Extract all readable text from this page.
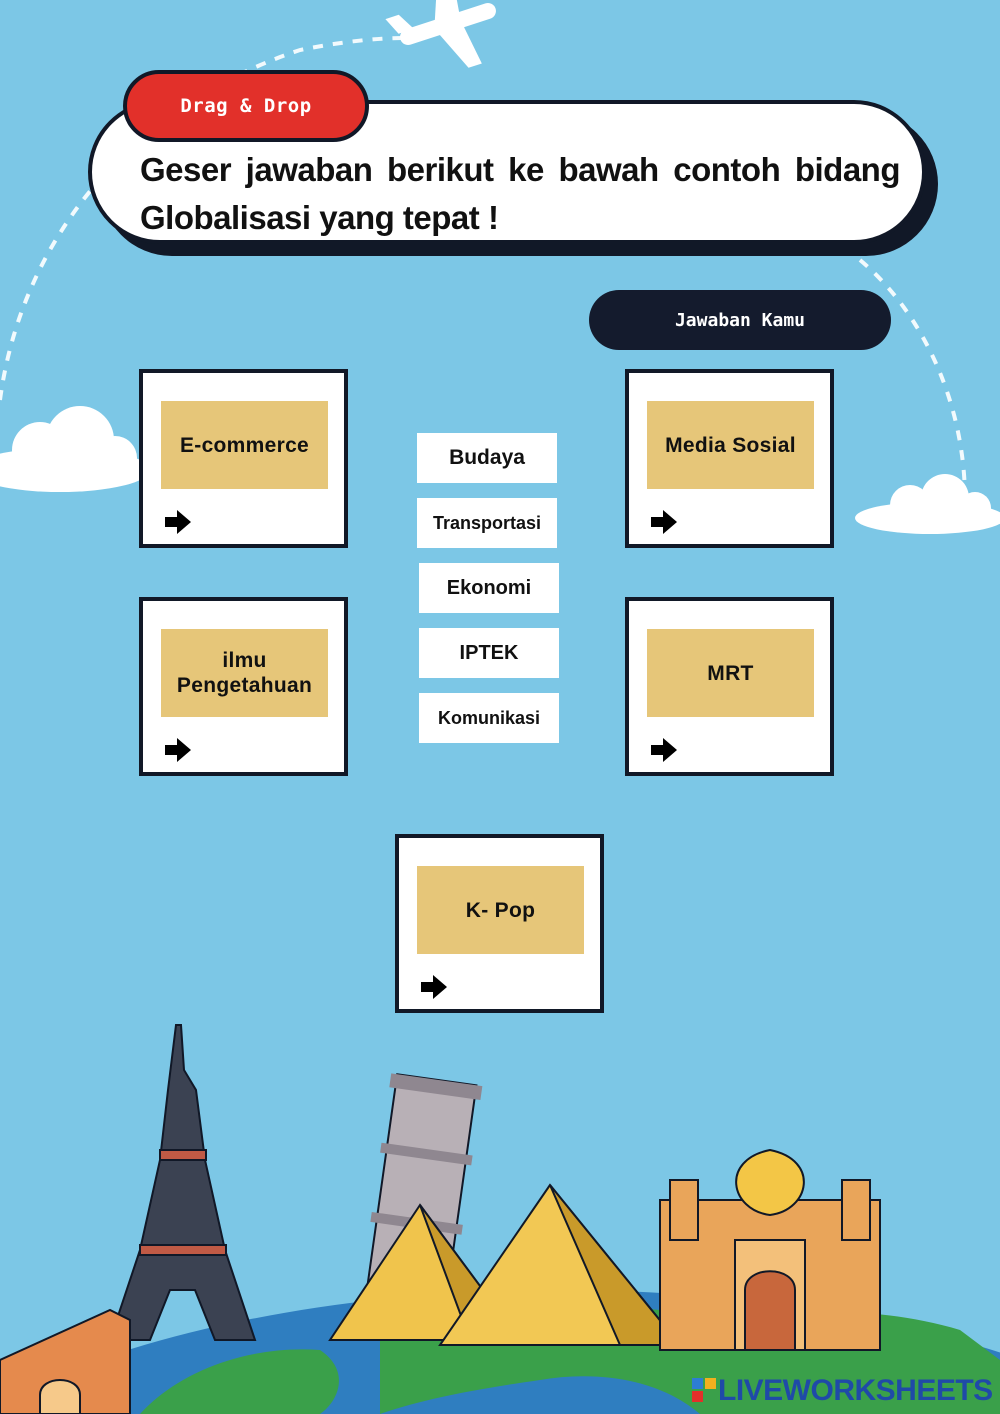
Geser jawaban berikut ke bawah contoh bidang Globalisasi yang tepat !
Drag & Drop
Jawaban Kamu
E-commerce	Media Sosial
ilmu Pengetahuan
MRT
K- Pop
Budaya
Transportasi
Ekonomi
IPTEK
Komunikasi
LIVEWORKSHEETS
